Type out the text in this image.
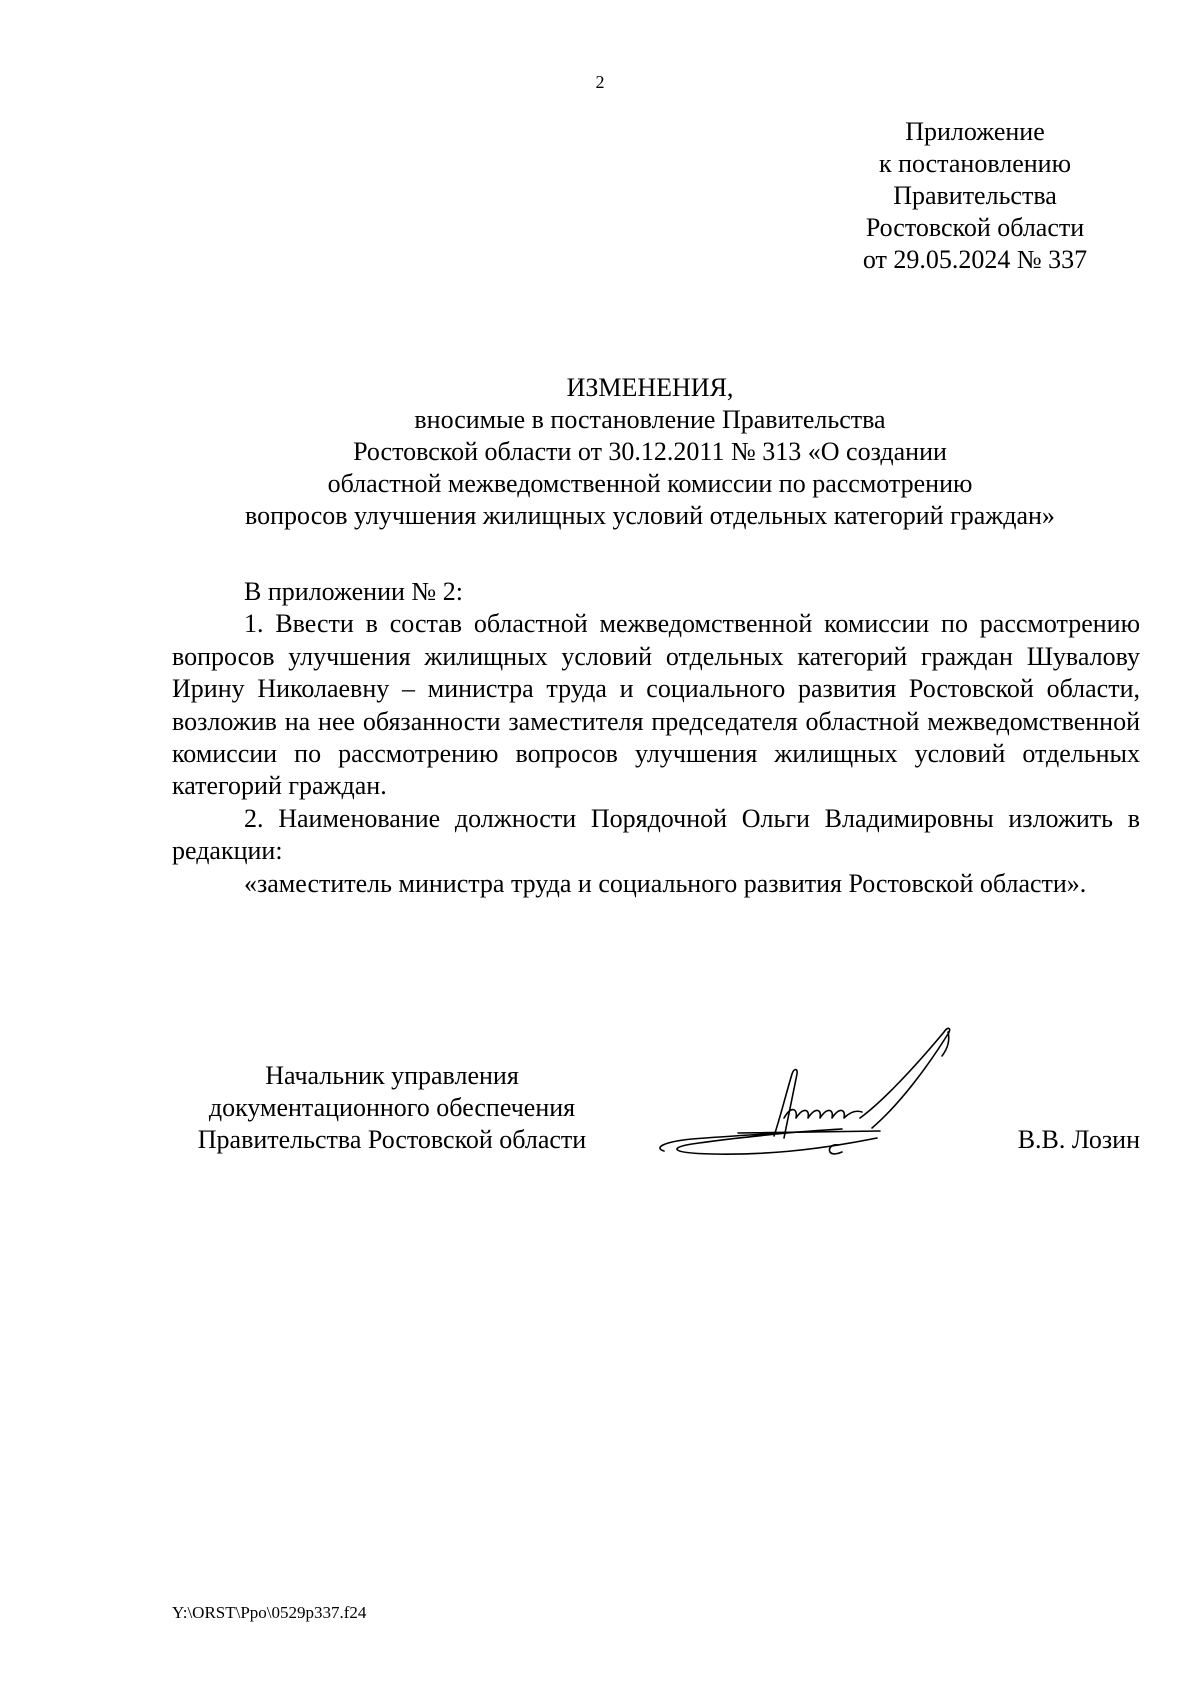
2
Приложение
к постановлению
Правительства
Ростовской области
от 29.05.2024 № 337
ИЗМЕНЕНИЯ,
вносимые в постановление Правительства
Ростовской области от 30.12.2011 № 313 «О создании
областной межведомственной комиссии по рассмотрению
вопросов улучшения жилищных условий отдельных категорий граждан»

В приложении № 2:

1. Ввести в состав областной межведомственной комиссии по рассмотрению вопросов улучшения жилищных условий отдельных категорий граждан Шувалову Ирину Николаевну – министра труда и социального развития Ростовской области, возложив на нее обязанности заместителя председателя областной межведомственной комиссии по рассмотрению вопросов улучшения жилищных условий отдельных категорий граждан.

2. Наименование должности Порядочной Ольги Владимировны изложить в редакции:

«заместитель министра труда и социального развития Ростовской области».

Начальник управления
документационного обеспечения
Правительства Ростовской области	В.В. Лозин
Y:\ORST\Ppo\0529p337.f24
